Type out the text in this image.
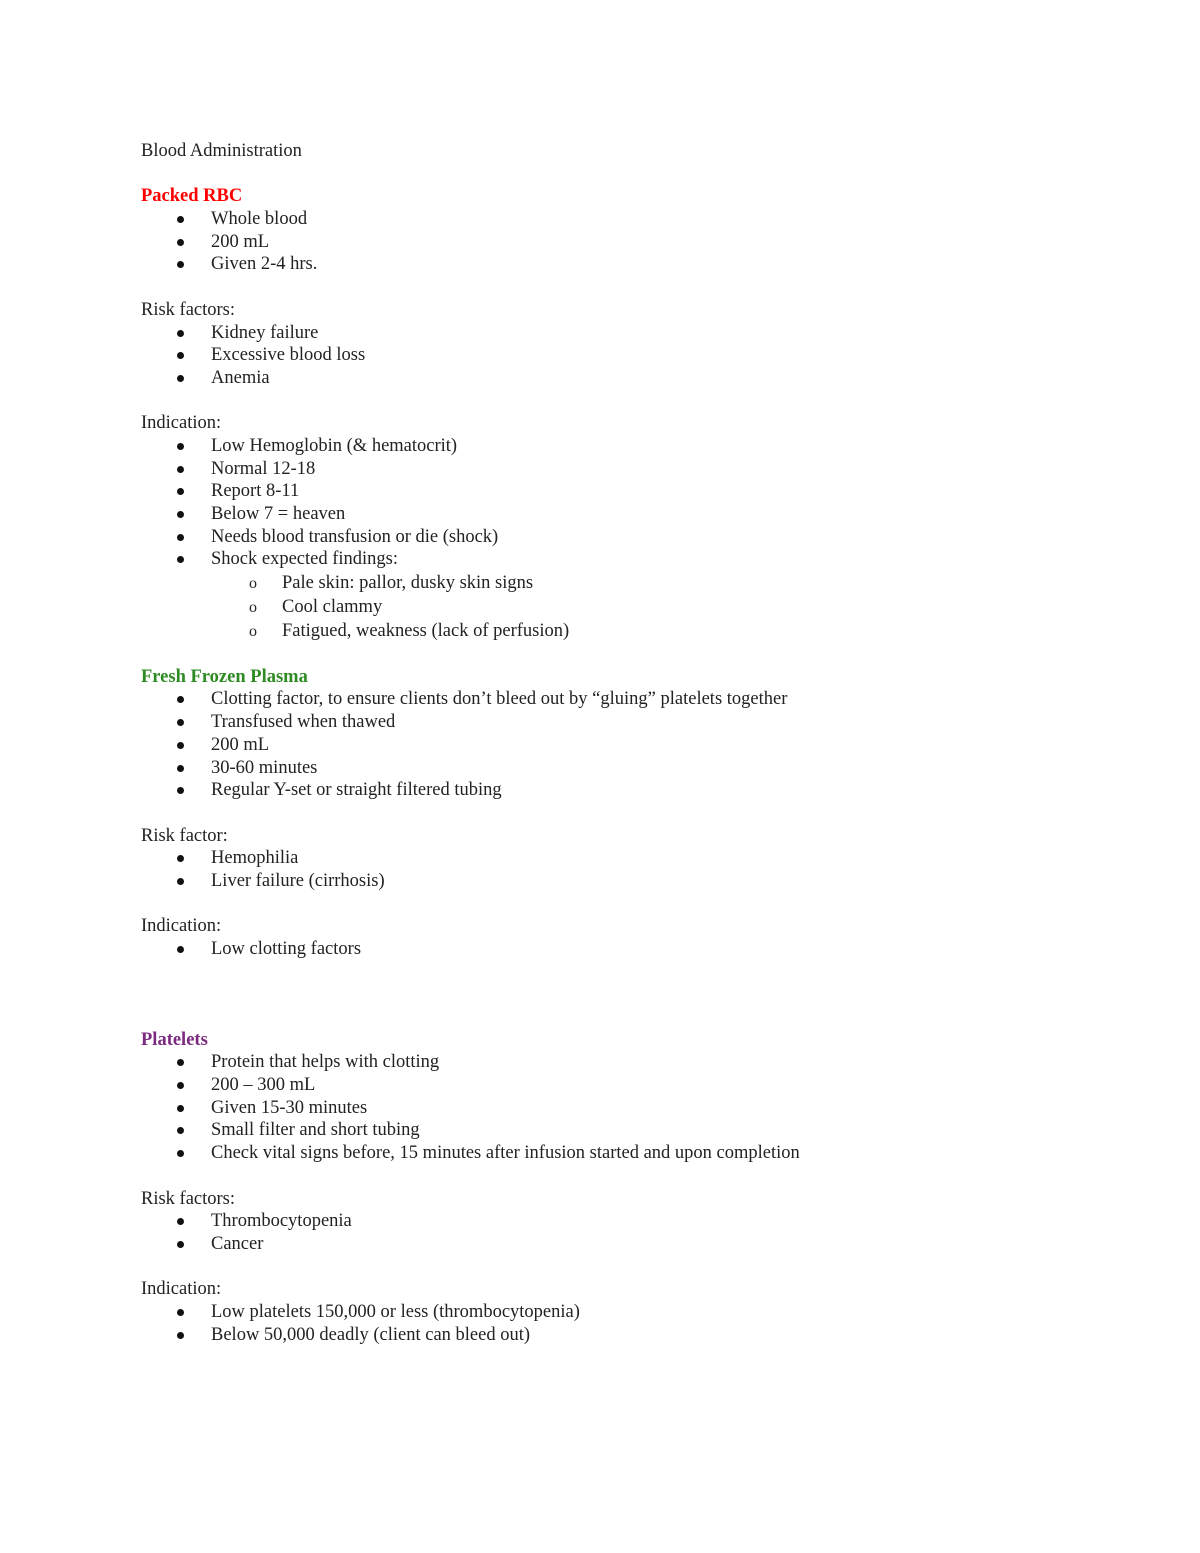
Blood Administration
Packed RBC
Whole blood
200 mL
Given 2-4 hrs.
Risk factors:
Kidney failure
Excessive blood loss
Anemia
Indication:
Low Hemoglobin (& hematocrit)
Normal 12-18
Report 8-11
Below 7 = heaven
Needs blood transfusion or die (shock)
Shock expected findings:
o Pale skin: pallor, dusky skin signs
o Cool clammy
o Fatigued, weakness (lack of perfusion)
Fresh Frozen Plasma
Clotting factor, to ensure clients don’t bleed out by “gluing” platelets together
Transfused when thawed
200 mL
30-60 minutes
Regular Y-set or straight filtered tubing
Risk factor:
Hemophilia
Liver failure (cirrhosis)
Indication:
Low clotting factors
Platelets
Protein that helps with clotting
200 – 300 mL
Given 15-30 minutes
Small filter and short tubing
Check vital signs before, 15 minutes after infusion started and upon completion
Risk factors:
Thrombocytopenia
Cancer
Indication:
Low platelets 150,000 or less (thrombocytopenia)
Below 50,000 deadly (client can bleed out)
